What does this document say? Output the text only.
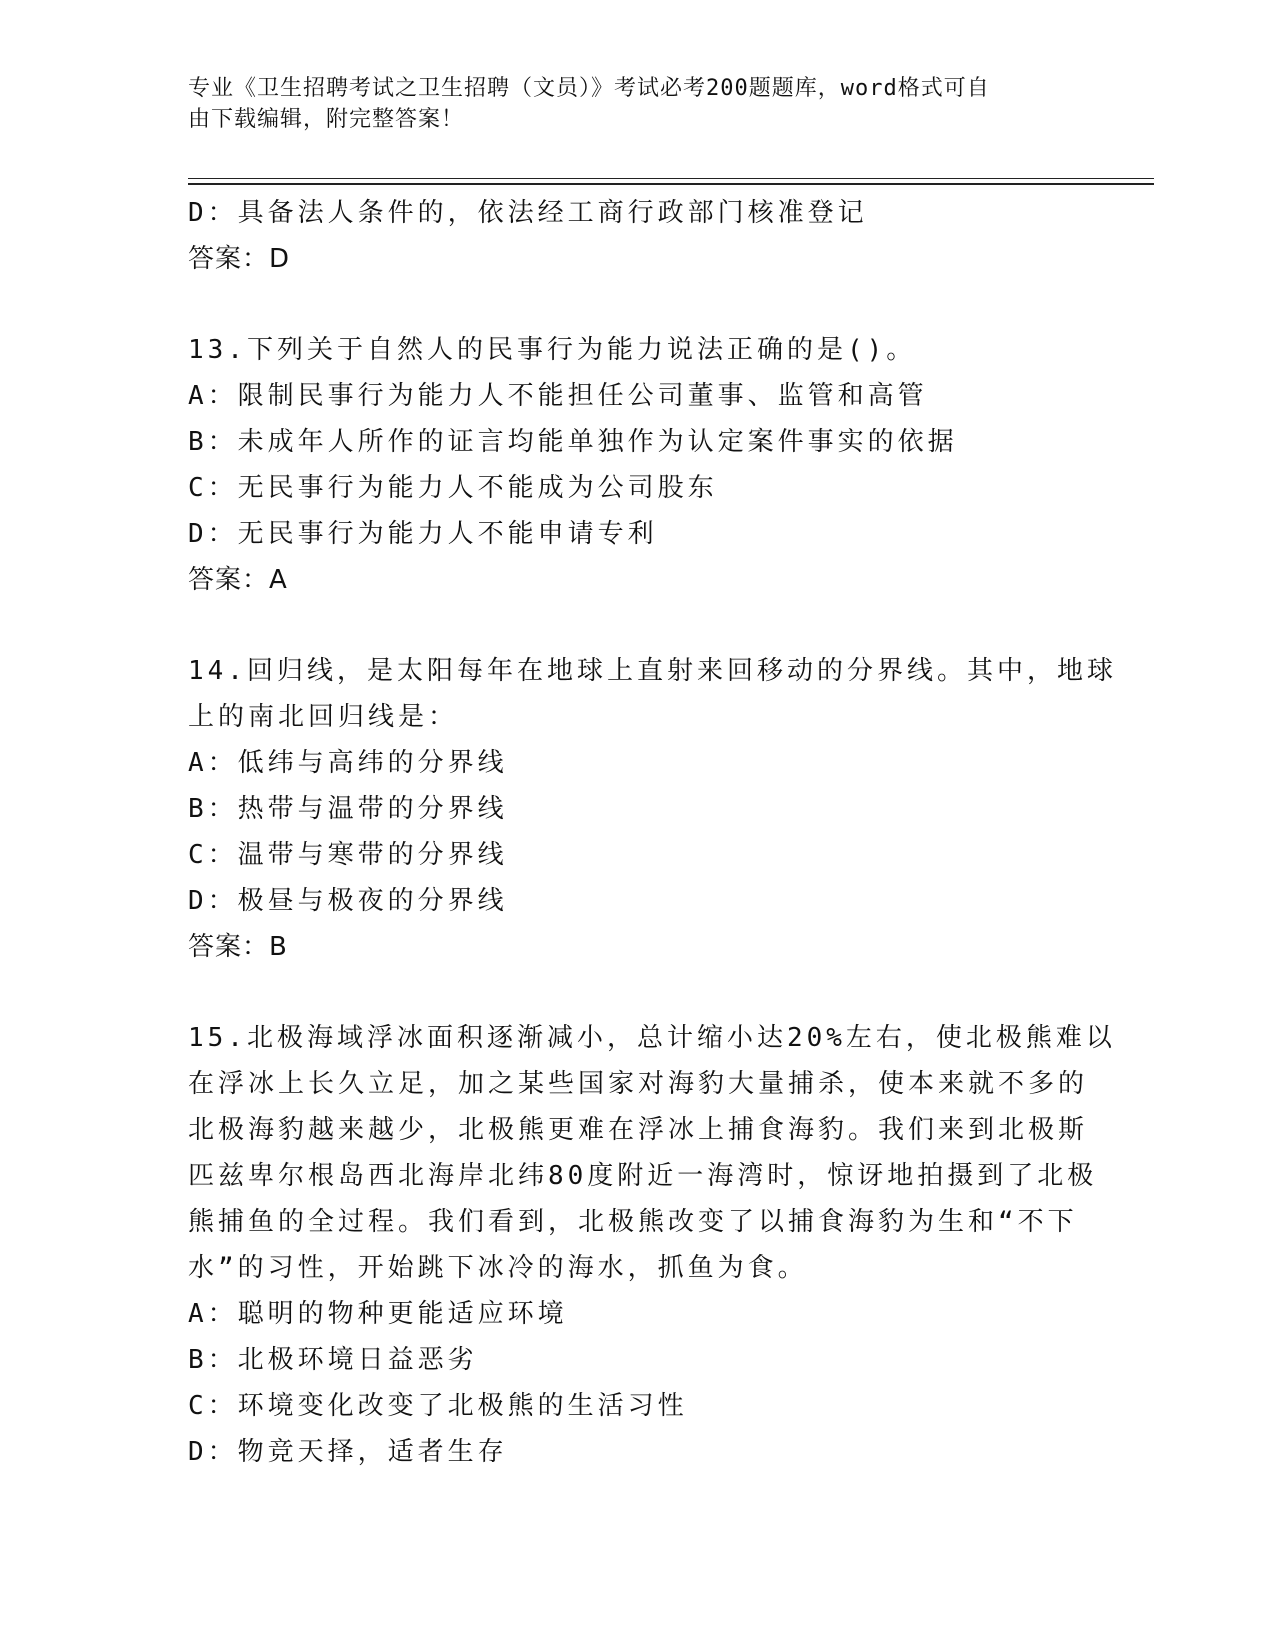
专业《卫生招聘考试之卫生招聘（文员）》考试必考200题题库，word格式可自
由下载编辑，附完整答案！
D：具备法人条件的，依法经工商行政部门核准登记
答案：D
13.下列关于自然人的民事行为能力说法正确的是()。
A：限制民事行为能力人不能担任公司董事、监管和高管
B：未成年人所作的证言均能单独作为认定案件事实的依据
C：无民事行为能力人不能成为公司股东
D：无民事行为能力人不能申请专利
答案：A
14.回归线，是太阳每年在地球上直射来回移动的分界线。其中，地球
上的南北回归线是：
A：低纬与高纬的分界线
B：热带与温带的分界线
C：温带与寒带的分界线
D：极昼与极夜的分界线
答案：B
15.北极海域浮冰面积逐渐减小，总计缩小达20%左右，使北极熊难以
在浮冰上长久立足，加之某些国家对海豹大量捕杀，使本来就不多的
北极海豹越来越少，北极熊更难在浮冰上捕食海豹。我们来到北极斯
匹兹卑尔根岛西北海岸北纬80度附近一海湾时，惊讶地拍摄到了北极
熊捕鱼的全过程。我们看到，北极熊改变了以捕食海豹为生和“不下
水”的习性，开始跳下冰冷的海水，抓鱼为食。
A：聪明的物种更能适应环境
B：北极环境日益恶劣
C：环境变化改变了北极熊的生活习性
D：物竞天择，适者生存
